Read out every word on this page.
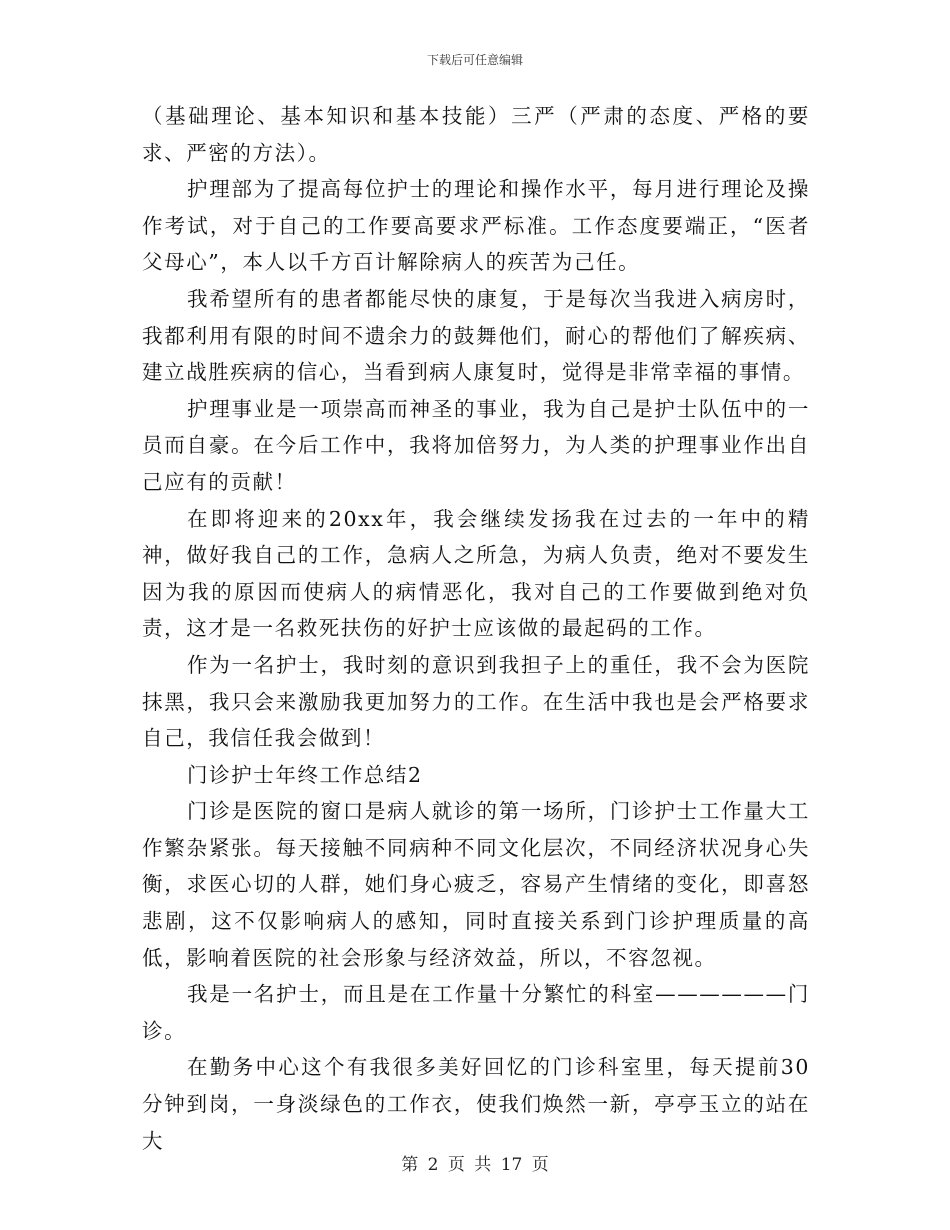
下载后可任意编辑

（基础理论、基本知识和基本技能）三严（严肃的态度、严格的要求、严密的方法）。

护理部为了提高每位护士的理论和操作水平，每月进行理论及操作考试，对于自己的工作要高要求严标准。工作态度要端正，“医者父母心”，本人以千方百计解除病人的疾苦为己任。

我希望所有的患者都能尽快的康复，于是每次当我进入病房时，我都利用有限的时间不遗余力的鼓舞他们，耐心的帮他们了解疾病、建立战胜疾病的信心，当看到病人康复时，觉得是非常幸福的事情。

护理事业是一项崇高而神圣的事业，我为自己是护士队伍中的一员而自豪。在今后工作中，我将加倍努力，为人类的护理事业作出自己应有的贡献！

在即将迎来的20xx年，我会继续发扬我在过去的一年中的精神，做好我自己的工作，急病人之所急，为病人负责，绝对不要发生因为我的原因而使病人的病情恶化，我对自己的工作要做到绝对负责，这才是一名救死扶伤的好护士应该做的最起码的工作。

作为一名护士，我时刻的意识到我担子上的重任，我不会为医院抹黑，我只会来激励我更加努力的工作。在生活中我也是会严格要求自己，我信任我会做到！

门诊护士年终工作总结2

门诊是医院的窗口是病人就诊的第一场所，门诊护士工作量大工作繁杂紧张。每天接触不同病种不同文化层次，不同经济状况身心失衡，求医心切的人群，她们身心疲乏，容易产生情绪的变化，即喜怒悲剧，这不仅影响病人的感知，同时直接关系到门诊护理质量的高低，影响着医院的社会形象与经济效益，所以，不容忽视。

我是一名护士，而且是在工作量十分繁忙的科室——————门诊。

在勤务中心这个有我很多美好回忆的门诊科室里，每天提前30分钟到岗，一身淡绿色的工作衣，使我们焕然一新，亭亭玉立的站在大

第 2 页 共 17 页
